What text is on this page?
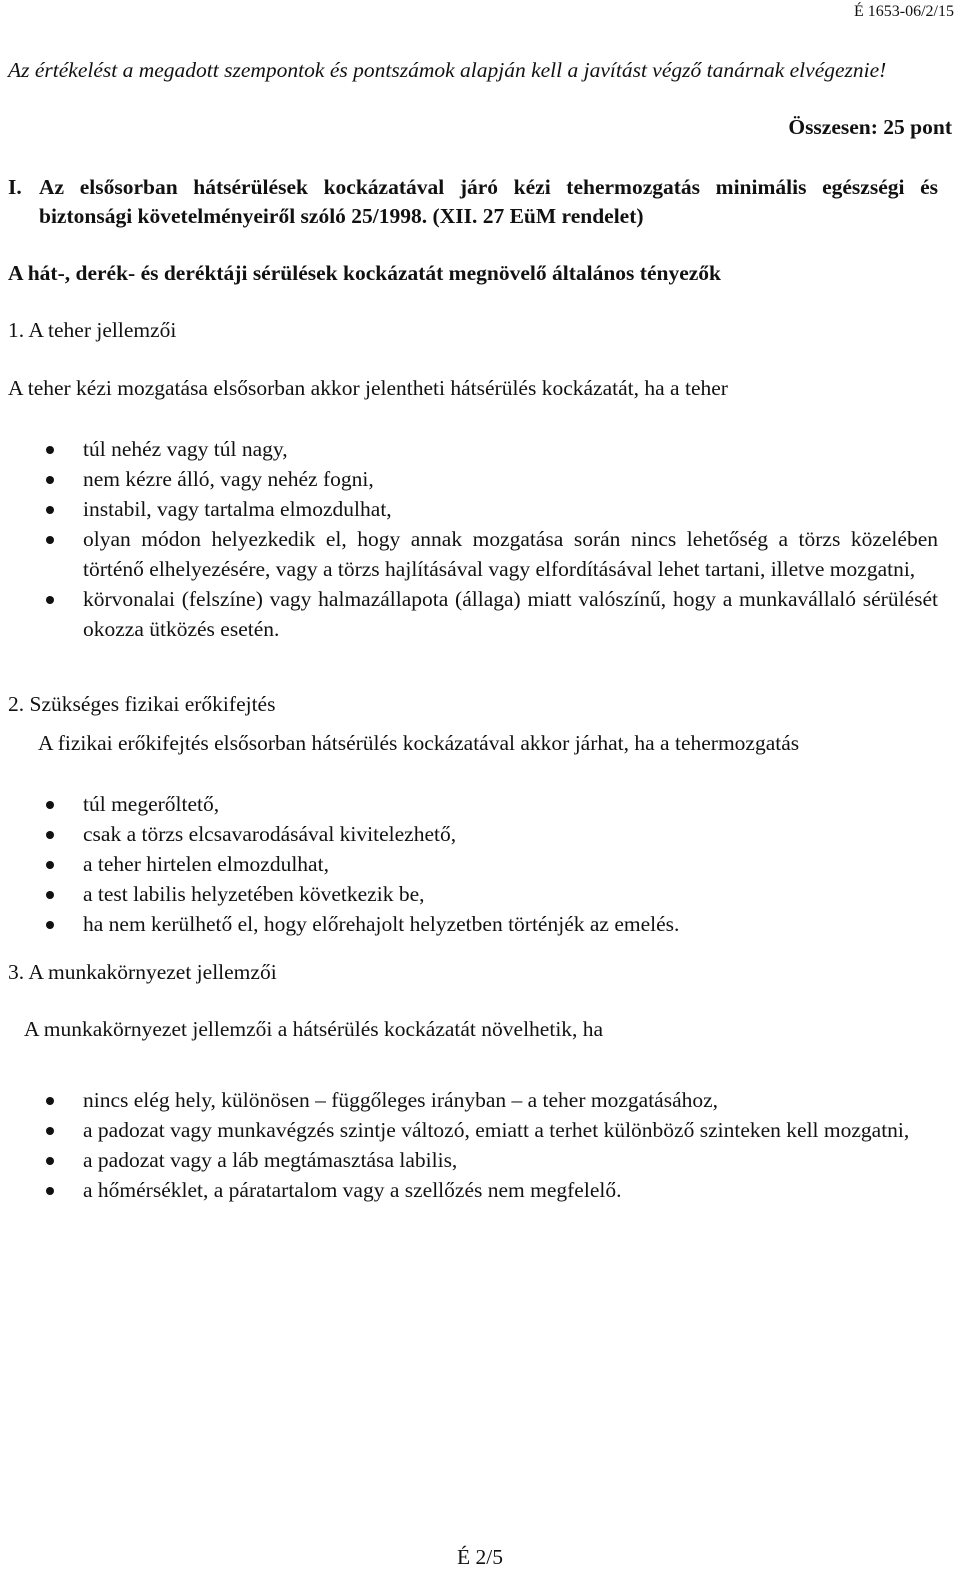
É 1653-06/2/15
Az értékelést a megadott szempontok és pontszámok alapján kell a javítást végző tanárnak elvégeznie!
Összesen: 25 pont
I. Az elsősorban hátsérülések kockázatával járó kézi tehermozgatás minimális egészségi és biztonsági követelményeiről szóló 25/1998. (XII. 27 EüM rendelet)
A hát-, derék- és deréktáji sérülések kockázatát megnövelő általános tényezők
1. A teher jellemzői
A teher kézi mozgatása elsősorban akkor jelentheti hátsérülés kockázatát, ha a teher
túl nehéz vagy túl nagy,
nem kézre álló, vagy nehéz fogni,
instabil, vagy tartalma elmozdulhat,
olyan módon helyezkedik el, hogy annak mozgatása során nincs lehetőség a törzs közelében történő elhelyezésére, vagy a törzs hajlításával vagy elfordításával lehet tartani, illetve mozgatni,
körvonalai (felszíne) vagy halmazállapota (állaga) miatt valószínű, hogy a munkavállaló sérülését okozza ütközés esetén.
2. Szükséges fizikai erőkifejtés
A fizikai erőkifejtés elsősorban hátsérülés kockázatával akkor járhat, ha a tehermozgatás
túl megerőltető,
csak a törzs elcsavarodásával kivitelezhető,
a teher hirtelen elmozdulhat,
a test labilis helyzetében következik be,
ha nem kerülhető el, hogy előrehajolt helyzetben történjék az emelés.
3. A munkakörnyezet jellemzői
A munkakörnyezet jellemzői a hátsérülés kockázatát növelhetik, ha
nincs elég hely, különösen – függőleges irányban – a teher mozgatásához,
a padozat vagy munkavégzés szintje változó, emiatt a terhet különböző szinteken kell mozgatni,
a padozat vagy a láb megtámasztása labilis,
a hőmérséklet, a páratartalom vagy a szellőzés nem megfelelő.
É 2/5
